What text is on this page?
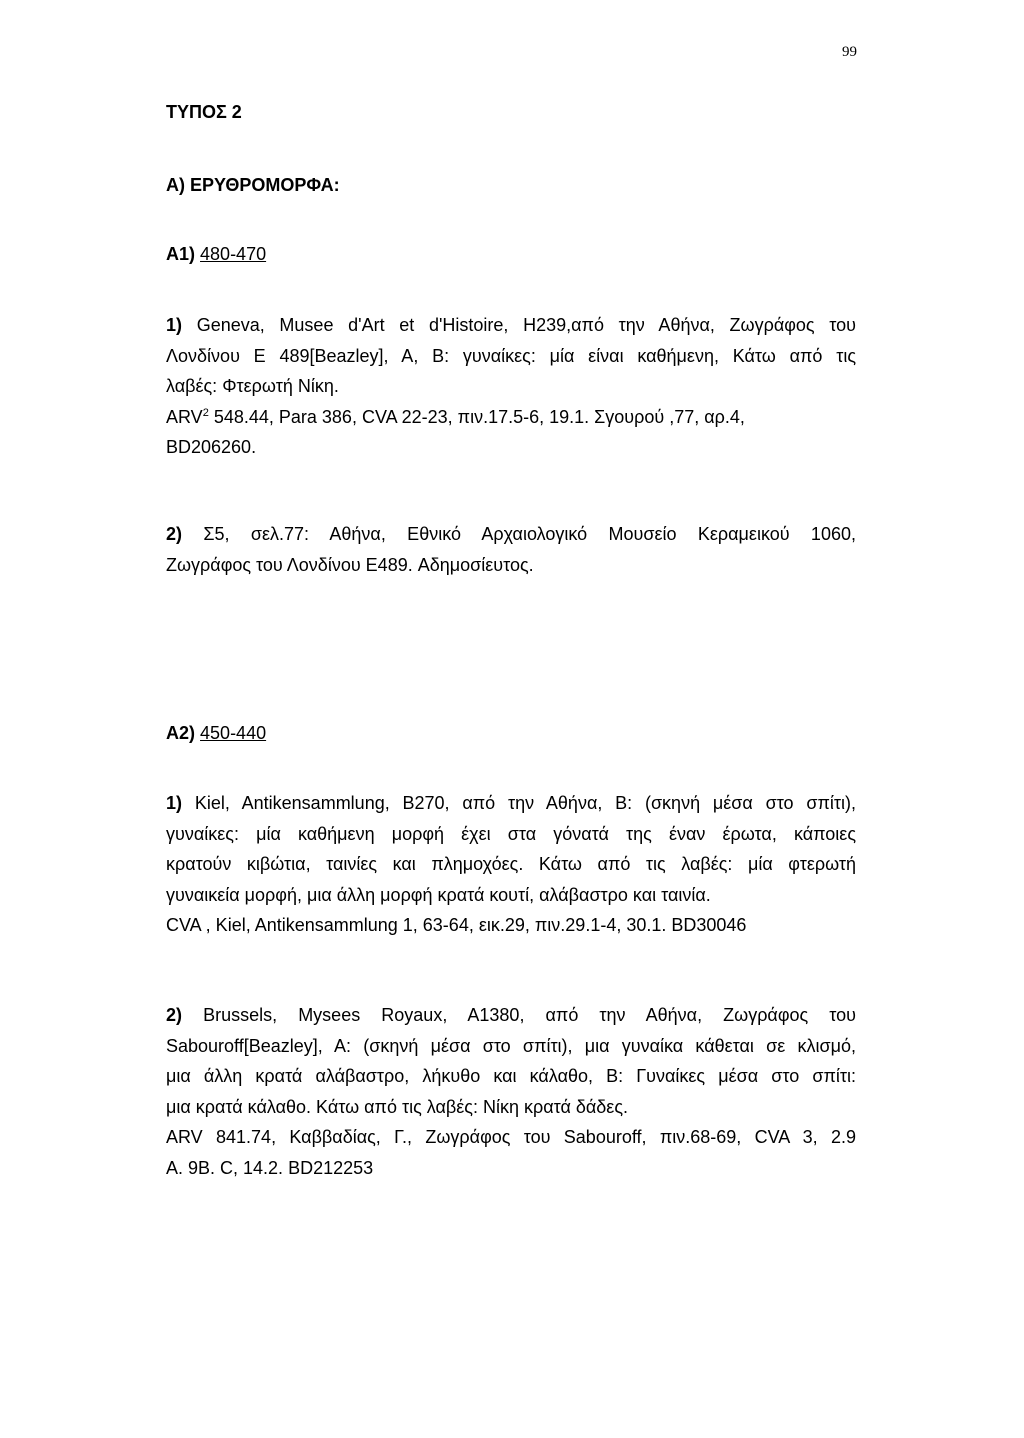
99
ΤΥΠΟΣ 2
Α) ΕΡΥΘΡΟΜΟΡΦΑ:
Α1) 480-470
1) Geneva, Musee d'Art et d'Histoire, H239,από την Αθήνα, Ζωγράφος του
Λονδίνου E 489[Beazley], A, B: γυναίκες: μία είναι καθήμενη, Κάτω από τις
λαβές: Φτερωτή Νίκη.
ARV$^2$ 548.44, Para 386, CVA 22-23, πιν.17.5-6, 19.1. Σγουρού ,77, αρ.4,
BD206260.
2) Σ5, σελ.77: Αθήνα, Εθνικό Αρχαιολογικό Μουσείο Κεραμεικού 1060,
Ζωγράφος του Λονδίνου E489. Αδημοσίευτος.
Α2) 450-440
1) Kiel, Antikensammlung, B270, από την Αθήνα, B: (σκηνή μέσα στο σπίτι),
γυναίκες: μία καθήμενη μορφή έχει στα γόνατά της έναν έρωτα, κάποιες
κρατούν κιβώτια, ταινίες και πλημοχόες. Κάτω από τις λαβές: μία φτερωτή
γυναικεία μορφή, μια άλλη μορφή κρατά κουτί, αλάβαστρο και ταινία.
CVA , Kiel, Antikensammlung 1, 63-64, εικ.29, πιν.29.1-4, 30.1. BD30046
2) Brussels, Mysees Royaux, A1380, από την Αθήνα, Ζωγράφος του
Sabouroff[Beazley], A: (σκηνή μέσα στο σπίτι), μια γυναίκα κάθεται σε κλισμό,
μια άλλη κρατά αλάβαστρο, λήκυθο και κάλαθο, B: Γυναίκες μέσα στο σπίτι:
μια κρατά κάλαθο. Κάτω από τις λαβές: Νίκη κρατά δάδες.
ARV 841.74, Καββαδίας, Γ., Ζωγράφος του Sabouroff, πιν.68-69, CVA 3, 2.9
A. 9B. C, 14.2. BD212253
